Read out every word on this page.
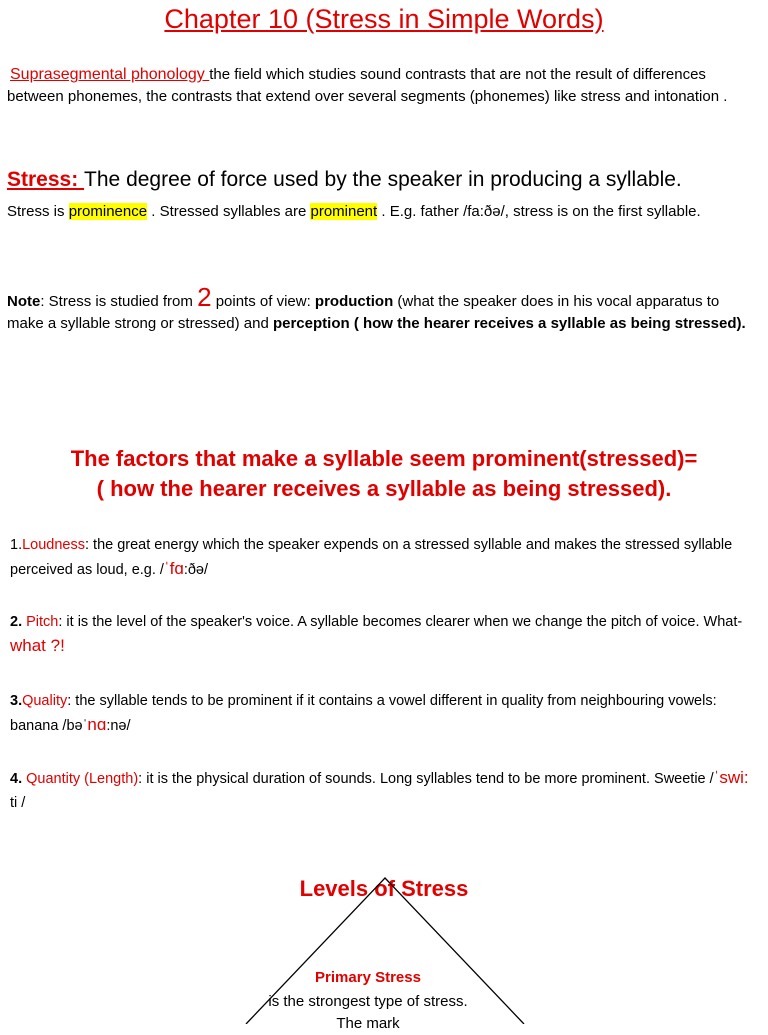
Chapter 10 (Stress in Simple Words)
Suprasegmental phonology the field which studies sound contrasts that are not the result of differences between phonemes, the contrasts that extend over several segments (phonemes) like stress and intonation .
Stress: The degree of force used by the speaker in producing a syllable.
Stress is prominence . Stressed syllables are prominent . E.g. father /fa:ðə/, stress is on the first syllable.
Note: Stress is studied from 2 points of view: production (what the speaker does in his vocal apparatus to make a syllable strong or stressed) and perception ( how the hearer receives a syllable as being stressed).
The factors that make a syllable seem prominent(stressed)=
( how the hearer receives a syllable as being stressed).
1.Loudness: the great energy which the speaker expends on a stressed syllable and makes the stressed syllable perceived as loud, e.g. /ˈfɑ:ðə/
2. Pitch: it is the level of the speaker's voice. A syllable becomes clearer when we change the pitch of voice. What- what ?!
3.Quality: the syllable tends to be prominent if it contains a vowel different in quality from neighbouring vowels: banana /bəˈnɑ:nə/
4. Quantity (Length): it is the physical duration of sounds. Long syllables tend to be more prominent. Sweetie /ˈswi: ti /
Levels of Stress
Primary Stress
is the strongest type of stress. The mark
